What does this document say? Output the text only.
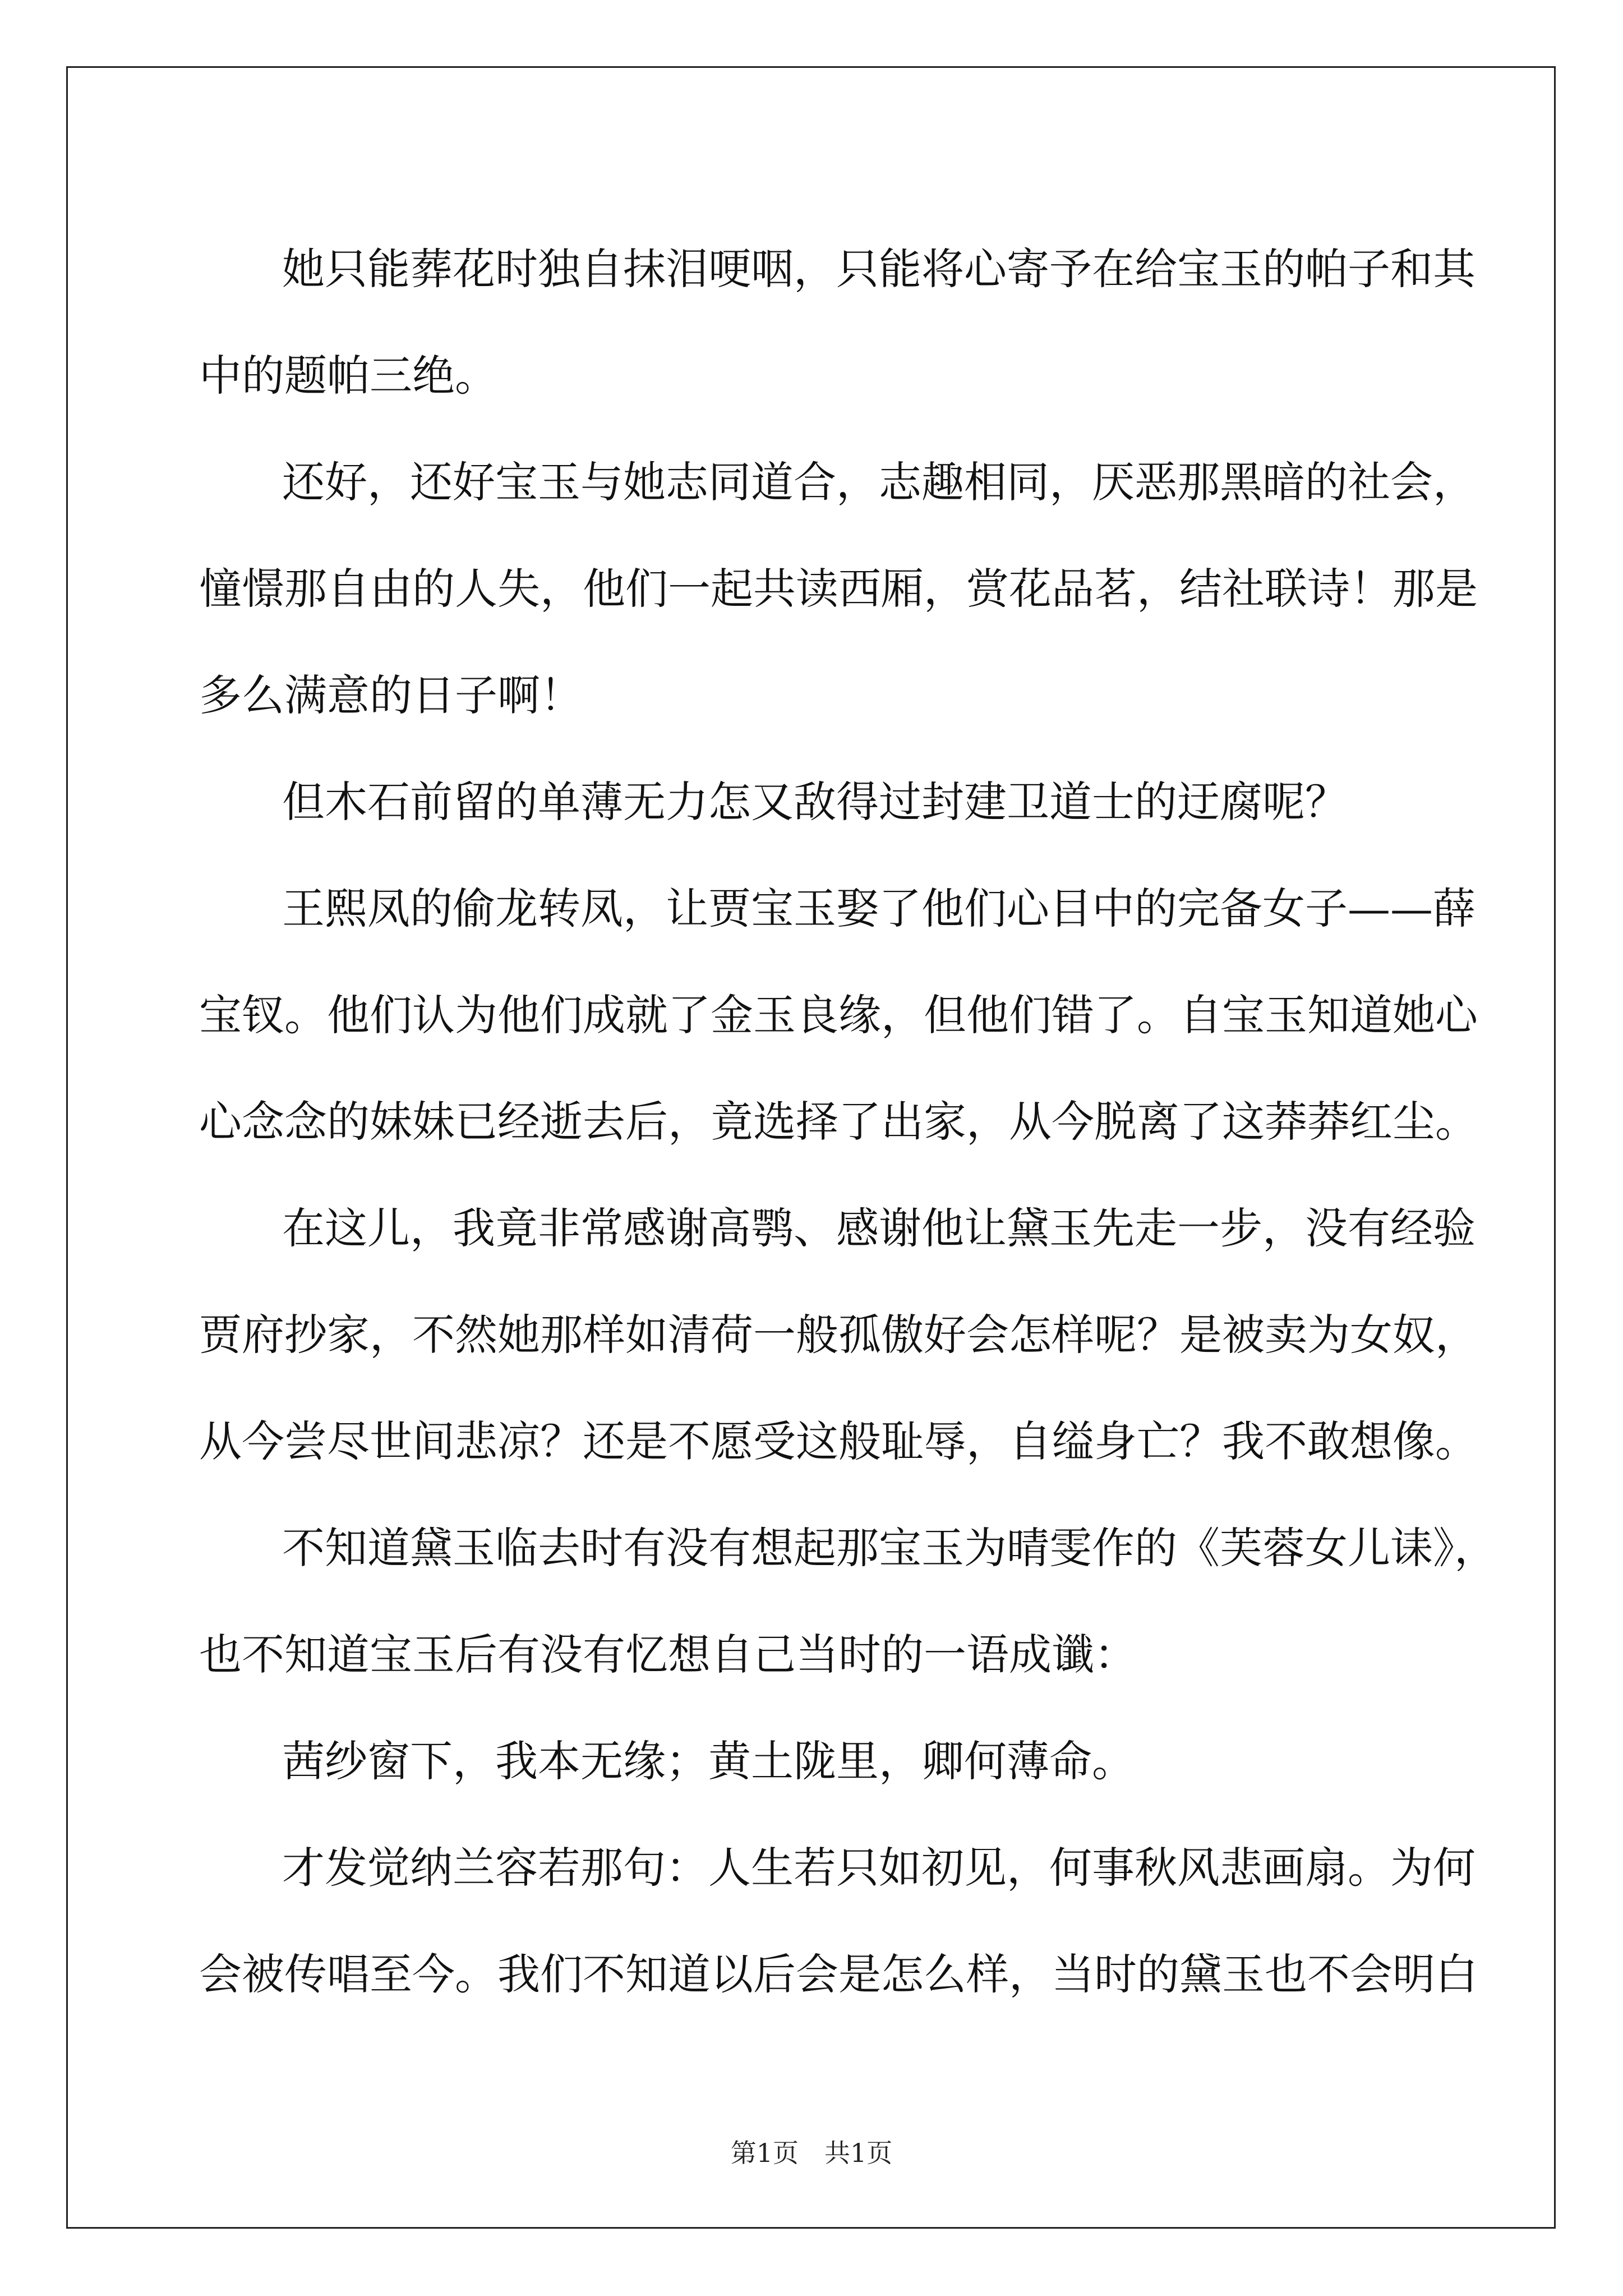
她只能葬花时独自抹泪哽咽，只能将心寄予在给宝玉的帕子和其
中的题帕三绝。
还好，还好宝玉与她志同道合，志趣相同，厌恶那黑暗的社会，
憧憬那自由的人失，他们一起共读西厢，赏花品茗，结社联诗！那是
多么满意的日子啊！
但木石前留的单薄无力怎又敌得过封建卫道士的迂腐呢？
王熙凤的偷龙转凤，让贾宝玉娶了他们心目中的完备女子——薛
宝钗。他们认为他们成就了金玉良缘，但他们错了。自宝玉知道她心
心念念的妹妹已经逝去后，竟选择了出家，从今脱离了这莽莽红尘。
在这儿，我竟非常感谢高鹗、感谢他让黛玉先走一步，没有经验
贾府抄家，不然她那样如清荷一般孤傲好会怎样呢？是被卖为女奴，
从今尝尽世间悲凉？还是不愿受这般耻辱，自缢身亡？我不敢想像。
不知道黛玉临去时有没有想起那宝玉为晴雯作的《芙蓉女儿诔》，
也不知道宝玉后有没有忆想自己当时的一语成谶：
茜纱窗下，我本无缘；黄土陇里，卿何薄命。
才发觉纳兰容若那句：人生若只如初见，何事秋风悲画扇。为何
会被传唱至今。我们不知道以后会是怎么样，当时的黛玉也不会明白
第1页　共1页
